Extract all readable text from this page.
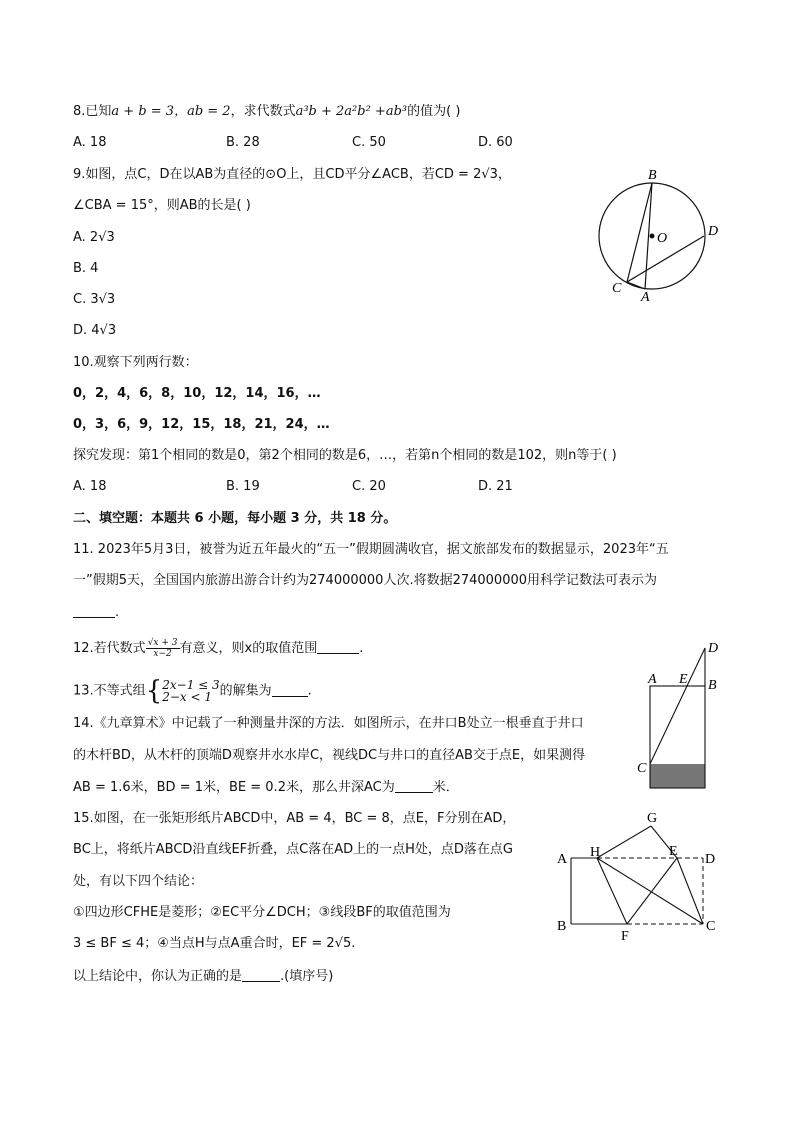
8.已知a + b = 3，ab = 2，求代数式a³b + 2a²b² +ab³的值为( )
A. 18	B. 28	C. 50	D. 60
9.如图，点C，D在以AB为直径的⊙O上，且CD平分∠ACB，若CD = 2√3，
∠CBA = 15°，则AB的长是( )
A. 2√3
B. 4
C. 3√3
D. 4√3
B
O	D
C
A
10.观察下列两行数：
0，2，4，6，8，10，12，14，16，…
0，3，6，9，12，15，18，21，24，…
探究发现：第1个相同的数是0，第2个相同的数是6，…，若第n个相同的数是102，则n等于( )
A. 18	B. 19	C. 20	D. 21
二、填空题：本题共 6 小题，每小题 3 分，共 18 分。
11. 2023年5月3日，被誉为近五年最火的“五一”假期圆满收官，据文旅部发布的数据显示，2023年“五
一”假期5天，全国国内旅游出游合计约为274000000人次.将数据274000000用科学记数法可表示为
.
12.若代数式 $\frac{√x + 3}{x-2}$ 有意义，则x的取值范围	.
13.不等式组{ 2x−1 ≤ 3
2−x < 1 的解集为	.
14.《九章算术》中记载了一种测量井深的方法．如图所示，在井口B处立一根垂直于井口
的木杆BD，从木杆的顶端D观察井水水岸C，视线DC与井口的直径AB交于点E，如果测得
AB = 1.6米，BD = 1米，BE = 0.2米，那么井深AC为	米．
D
A E B
C
15.如图，在一张矩形纸片ABCD中，AB = 4，BC = 8，点E，F分别在AD，
BC上，将纸片ABCD沿直线EF折叠，点C落在AD上的一点H处，点D落在点G
处，有以下四个结论：
①四边形CFHE是菱形；②EC平分∠DCH；③线段BF的取值范围为
3 ≤ BF ≤ 4；④当点H与点A重合时，EF = 2√5.
以上结论中，你认为正确的是	.(填序号)
G
A H	E
D
B
F
C
